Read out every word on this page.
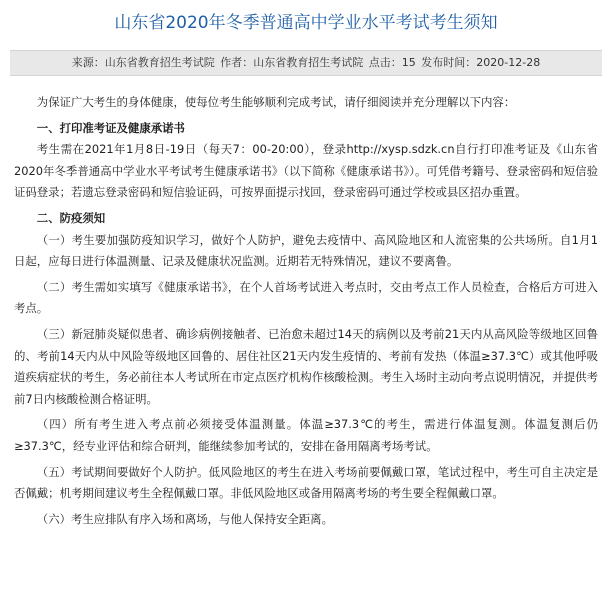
山东省2020年冬季普通高中学业水平考试考生须知
来源：山东省教育招生考试院 作者：山东省教育招生考试院 点击：15 发布时间：2020-12-28

为保证广大考生的身体健康，使每位考生能够顺利完成考试，请仔细阅读并充分理解以下内容：

一、打印准考证及健康承诺书

考生需在2021年1月8日-19日（每天7：00-20:00），登录http://xysp.sdzk.cn自行打印准考证及《山东省2020年冬季普通高中学业水平考试考生健康承诺书》（以下简称《健康承诺书》）。可凭借考籍号、登录密码和短信验证码登录；若遗忘登录密码和短信验证码，可按界面提示找回，登录密码可通过学校或县区招办重置。

二、防疫须知

（一）考生要加强防疫知识学习，做好个人防护，避免去疫情中、高风险地区和人流密集的公共场所。自1月1日起，应每日进行体温测量、记录及健康状况监测。近期若无特殊情况，建议不要离鲁。

（二）考生需如实填写《健康承诺书》，在个人首场考试进入考点时，交由考点工作人员检查，合格后方可进入考点。

（三）新冠肺炎疑似患者、确诊病例接触者、已治愈未超过14天的病例以及考前21天内从高风险等级地区回鲁的、考前14天内从中风险等级地区回鲁的、居住社区21天内发生疫情的、考前有发热（体温≥37.3℃）或其他呼吸道疾病症状的考生，务必前往本人考试所在市定点医疗机构作核酸检测。考生入场时主动向考点说明情况，并提供考前7日内核酸检测合格证明。

（四）所有考生进入考点前必须接受体温测量。体温≥37.3℃的考生，需进行体温复测。体温复测后仍≥37.3℃，经专业评估和综合研判，能继续参加考试的，安排在备用隔离考场考试。

（五）考试期间要做好个人防护。低风险地区的考生在进入考场前要佩戴口罩，笔试过程中，考生可自主决定是否佩戴；机考期间建议考生全程佩戴口罩。非低风险地区或备用隔离考场的考生要全程佩戴口罩。

（六）考生应排队有序入场和离场，与他人保持安全距离。
